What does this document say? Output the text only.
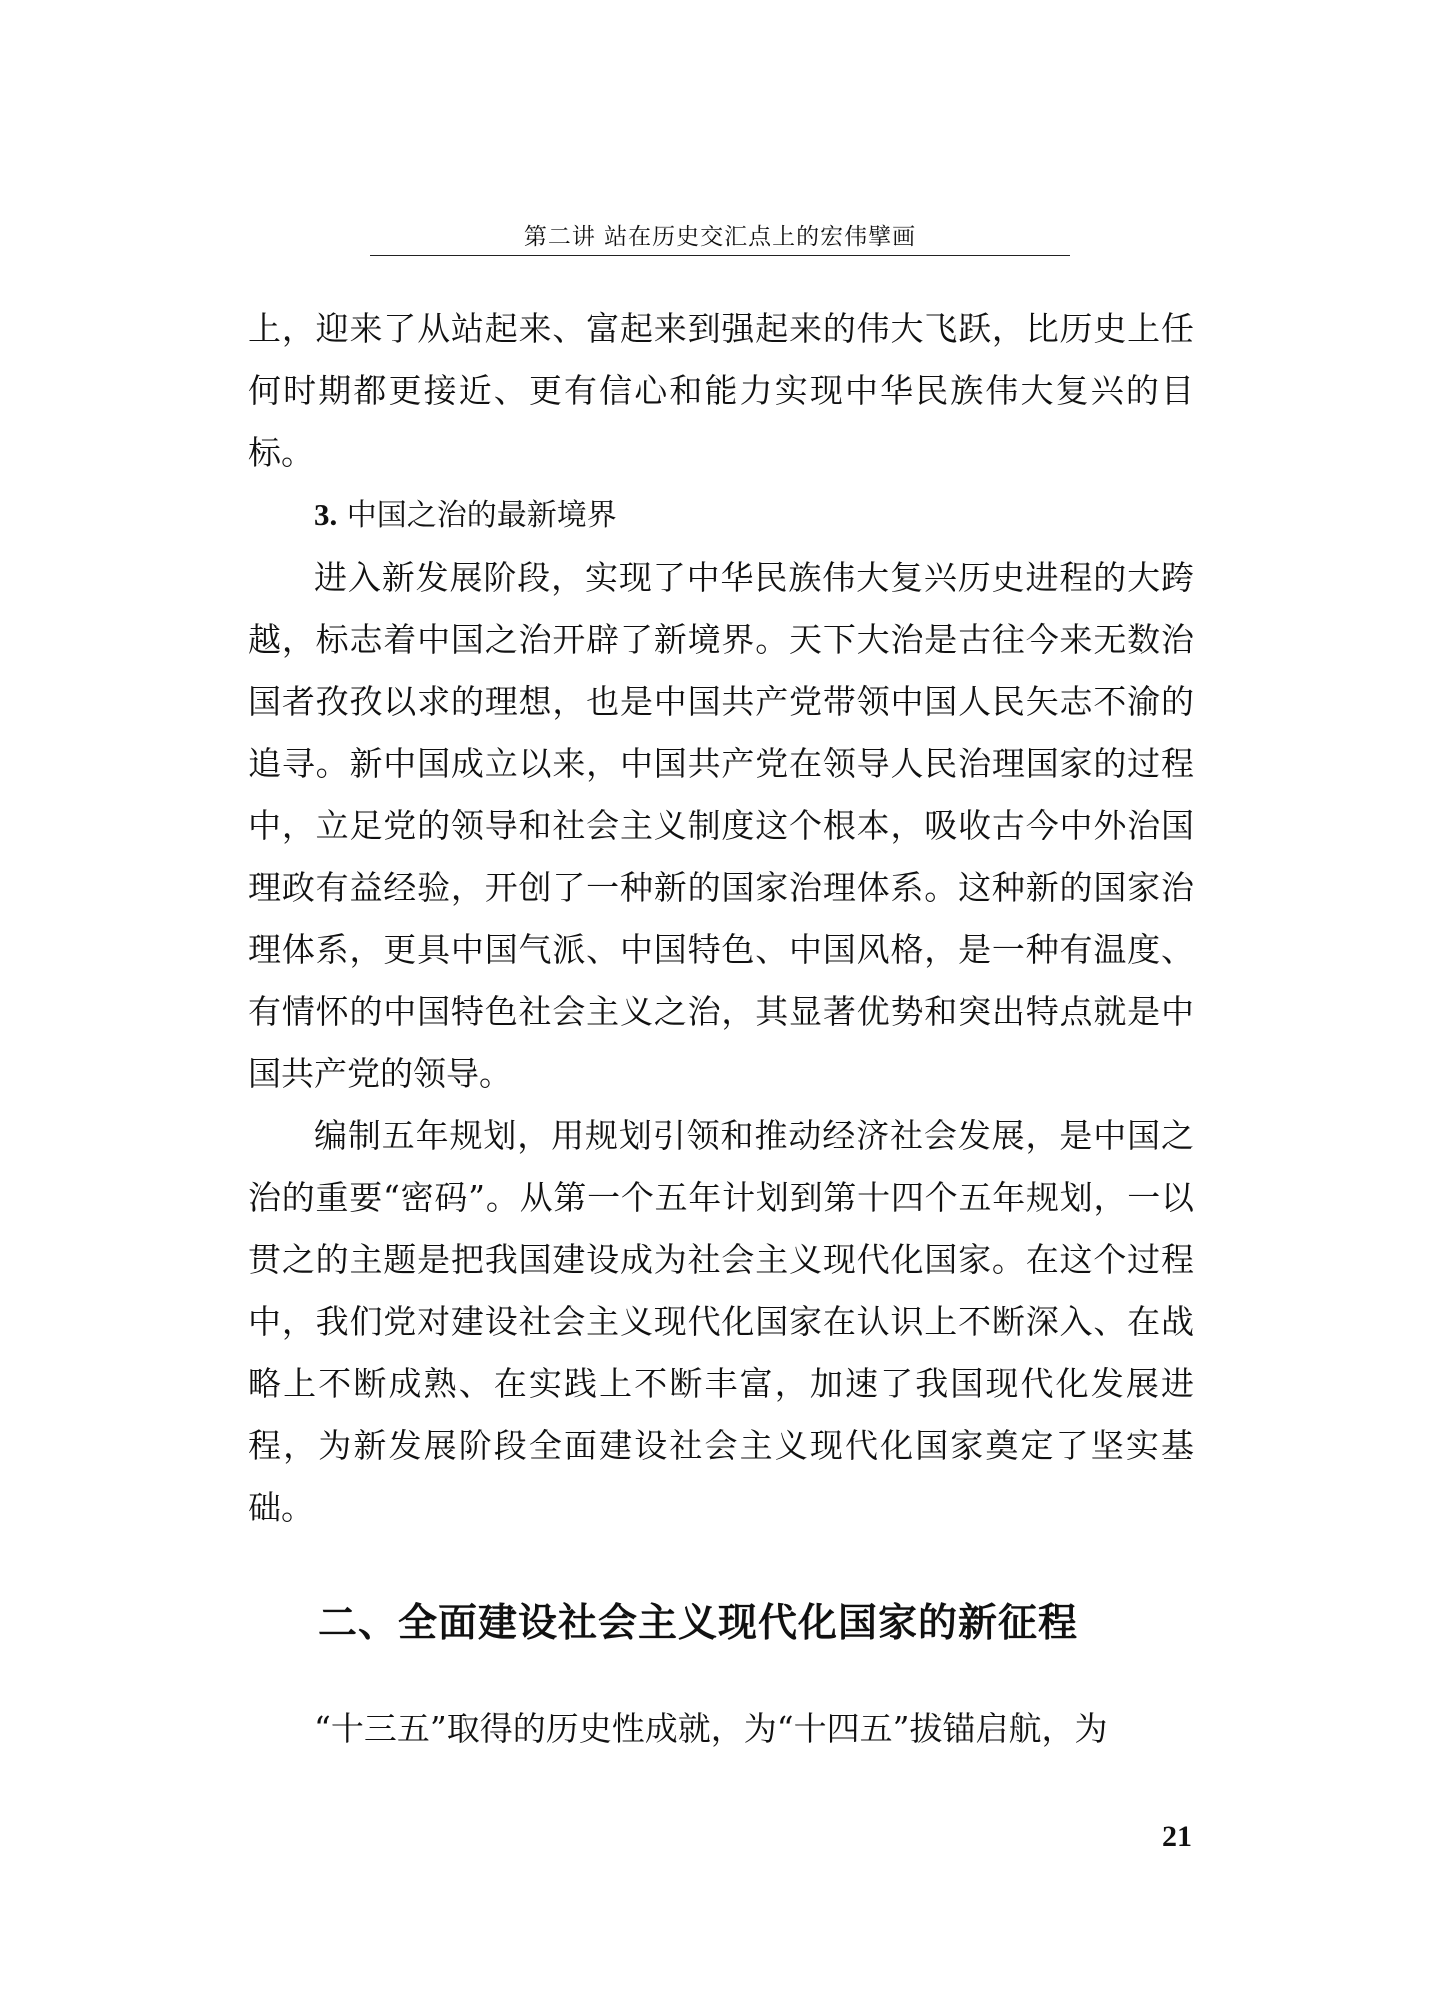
第二讲 站在历史交汇点上的宏伟擘画

上，迎来了从站起来、富起来到强起来的伟大飞跃，比历史上任何时期都更接近、更有信心和能力实现中华民族伟大复兴的目标。

3. 中国之治的最新境界

进入新发展阶段，实现了中华民族伟大复兴历史进程的大跨越，标志着中国之治开辟了新境界。天下大治是古往今来无数治国者孜孜以求的理想，也是中国共产党带领中国人民矢志不渝的追寻。新中国成立以来，中国共产党在领导人民治理国家的过程中，立足党的领导和社会主义制度这个根本，吸收古今中外治国理政有益经验，开创了一种新的国家治理体系。这种新的国家治理体系，更具中国气派、中国特色、中国风格，是一种有温度、有情怀的中国特色社会主义之治，其显著优势和突出特点就是中国共产党的领导。

编制五年规划，用规划引领和推动经济社会发展，是中国之治的重要“密码”。从第一个五年计划到第十四个五年规划，一以贯之的主题是把我国建设成为社会主义现代化国家。在这个过程中，我们党对建设社会主义现代化国家在认识上不断深入、在战略上不断成熟、在实践上不断丰富，加速了我国现代化发展进程，为新发展阶段全面建设社会主义现代化国家奠定了坚实基础。

二、全面建设社会主义现代化国家的新征程

“十三五”取得的历史性成就，为“十四五”拔锚启航，为

21
